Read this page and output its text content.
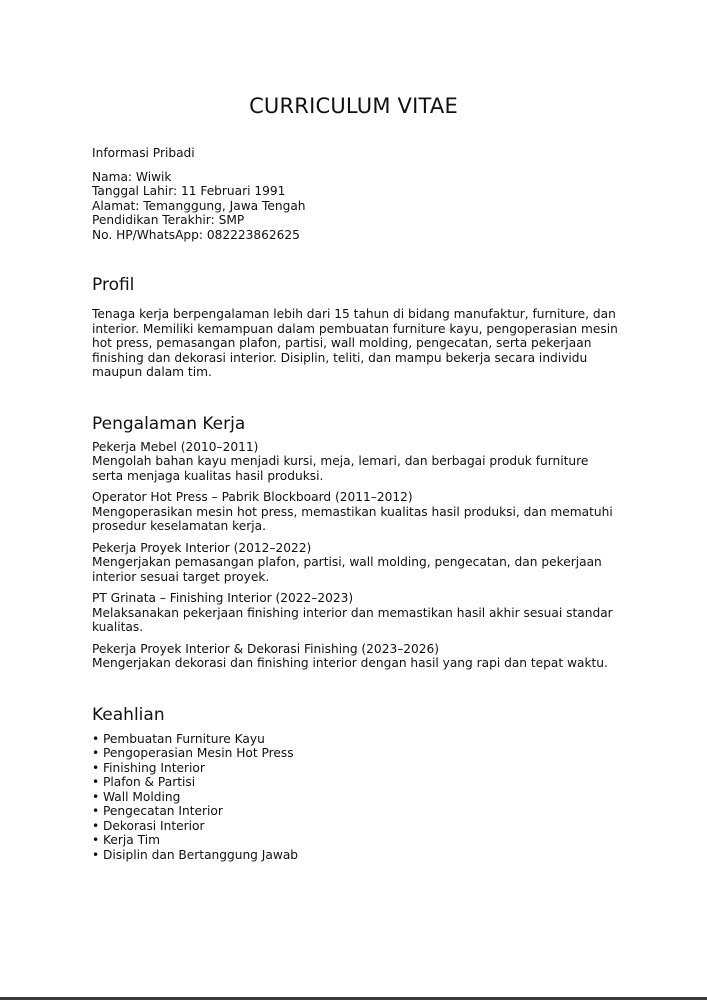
CURRICULUM VITAE

Informasi Pribadi

Nama: Wiwik

Tanggal Lahir: 11 Februari 1991

Alamat: Temanggung, Jawa Tengah

Pendidikan Terakhir: SMP

No. HP/WhatsApp: 082223862625

Profil

Tenaga kerja berpengalaman lebih dari 15 tahun di bidang manufaktur, furniture, dan interior. Memiliki kemampuan dalam pembuatan furniture kayu, pengoperasian mesin hot press, pemasangan plafon, partisi, wall molding, pengecatan, serta pekerjaan finishing dan dekorasi interior. Disiplin, teliti, dan mampu bekerja secara individu maupun dalam tim.

Pengalaman Kerja

Pekerja Mebel (2010–2011)

Mengolah bahan kayu menjadi kursi, meja, lemari, dan berbagai produk furniture serta menjaga kualitas hasil produksi.

Operator Hot Press – Pabrik Blockboard (2011–2012)

Mengoperasikan mesin hot press, memastikan kualitas hasil produksi, dan mematuhi prosedur keselamatan kerja.

Pekerja Proyek Interior (2012–2022)

Mengerjakan pemasangan plafon, partisi, wall molding, pengecatan, dan pekerjaan interior sesuai target proyek.

PT Grinata – Finishing Interior (2022–2023)

Melaksanakan pekerjaan finishing interior dan memastikan hasil akhir sesuai standar kualitas.

Pekerja Proyek Interior & Dekorasi Finishing (2023–2026)

Mengerjakan dekorasi dan finishing interior dengan hasil yang rapi dan tepat waktu.

Keahlian
• Pembuatan Furniture Kayu
• Pengoperasian Mesin Hot Press
• Finishing Interior
• Plafon & Partisi
• Wall Molding
• Pengecatan Interior
• Dekorasi Interior
• Kerja Tim
• Disiplin dan Bertanggung Jawab
